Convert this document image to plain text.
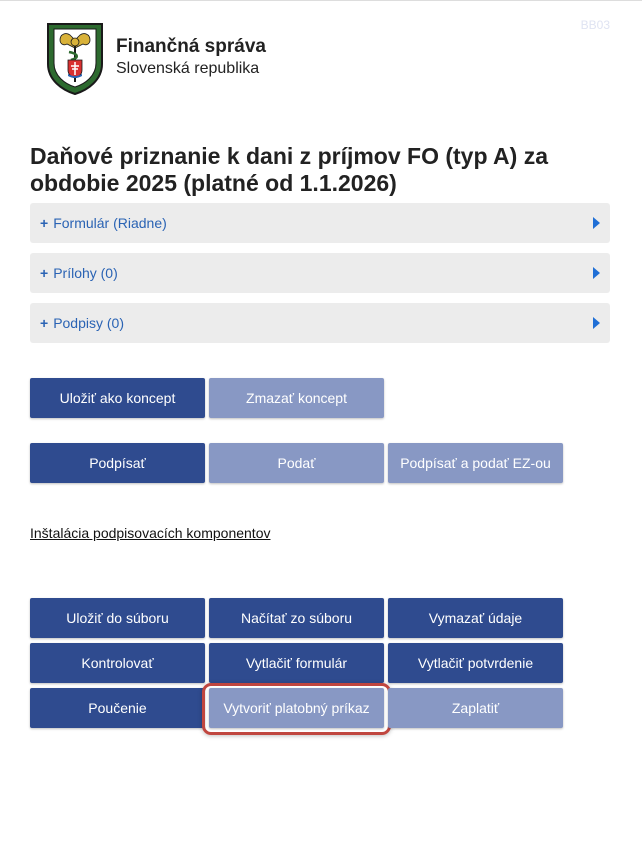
BB03
Finančná správa
Slovenská republika
Daňové priznanie k dani z príjmov FO (typ A) za obdobie 2025 (platné od 1.1.2026)
+ Formulár (Riadne)
+ Prílohy (0)
+ Podpisy (0)
Uložiť ako koncept	Zmazať koncept
Podpísať	Podať	Podpísať a podať EZ-ou
Inštalácia podpisovacích komponentov
Uložiť do súboru	Načítať zo súboru	Vymazať údaje
Kontrolovať	Vytlačiť formulár	Vytlačiť potvrdenie
Poučenie	Vytvoriť platobný príkaz	Zaplatiť
